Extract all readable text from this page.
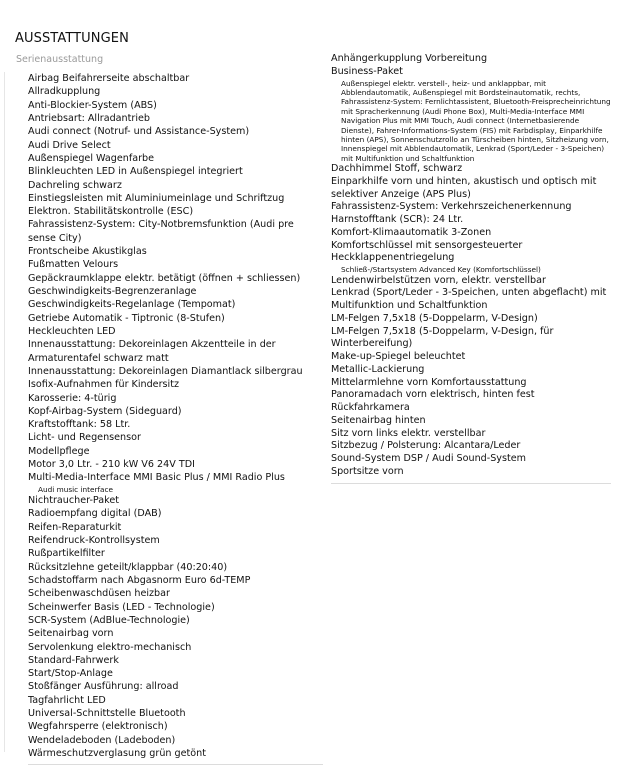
AUSSTATTUNGEN
Serienausstattung
Airbag Beifahrerseite abschaltbar
Allradkupplung
Anti-Blockier-System (ABS)
Antriebsart: Allradantrieb
Audi connect (Notruf- und Assistance-System)
Audi Drive Select
Außenspiegel Wagenfarbe
Blinkleuchten LED in Außenspiegel integriert
Dachreling schwarz
Einstiegsleisten mit Aluminiumeinlage und Schriftzug
Elektron. Stabilitätskontrolle (ESC)
Fahrassistenz-System: City-Notbremsfunktion (Audi pre sense City)
Frontscheibe Akustikglas
Fußmatten Velours
Gepäckraumklappe elektr. betätigt (öffnen + schliessen)
Geschwindigkeits-Begrenzeranlage
Geschwindigkeits-Regelanlage (Tempomat)
Getriebe Automatik - Tiptronic (8-Stufen)
Heckleuchten LED
Innenausstattung: Dekoreinlagen Akzentteile in der Armaturentafel schwarz matt
Innenausstattung: Dekoreinlagen Diamantlack silbergrau
Isofix-Aufnahmen für Kindersitz
Karosserie: 4-türig
Kopf-Airbag-System (Sideguard)
Kraftstofftank: 58 Ltr.
Licht- und Regensensor
Modellpflege
Motor 3,0 Ltr. - 210 kW V6 24V TDI
Multi-Media-Interface MMI Basic Plus / MMI Radio Plus
Audi music interface
Nichtraucher-Paket
Radioempfang digital (DAB)
Reifen-Reparaturkit
Reifendruck-Kontrollsystem
Rußpartikelfilter
Rücksitzlehne geteilt/klappbar (40:20:40)
Schadstoffarm nach Abgasnorm Euro 6d-TEMP
Scheibenwaschdüsen heizbar
Scheinwerfer Basis (LED - Technologie)
SCR-System (AdBlue-Technologie)
Seitenairbag vorn
Servolenkung elektro-mechanisch
Standard-Fahrwerk
Start/Stop-Anlage
Stoßfänger Ausführung: allroad
Tagfahrlicht LED
Universal-Schnittstelle Bluetooth
Wegfahrsperre (elektronisch)
Wendeladeboden (Ladeboden)
Wärmeschutzverglasung grün getönt
Anhängerkupplung Vorbereitung
Business-Paket
Außenspiegel elektr. verstell-, heiz- und anklappbar, mit Abblendautomatik, Außenspiegel mit Bordsteinautomatik, rechts, Fahrassistenz-System: Fernlichtassistent, Bluetooth-Freisprecheinrichtung mit Spracherkennung (Audi Phone Box), Multi-Media-Interface MMI Navigation Plus mit MMI Touch, Audi connect (Internetbasierende Dienste), Fahrer-Informations-System (FIS) mit Farbdisplay, Einparkhilfe hinten (APS), Sonnenschutzrollo an Türscheiben hinten, Sitzheizung vorn, Innenspiegel mit Abblendautomatik, Lenkrad (Sport/Leder - 3-Speichen) mit Multifunktion und Schaltfunktion
Dachhimmel Stoff, schwarz
Einparkhilfe vorn und hinten, akustisch und optisch mit selektiver Anzeige (APS Plus)
Fahrassistenz-System: Verkehrszeichenerkennung
Harnstofftank (SCR): 24 Ltr.
Komfort-Klimaautomatik 3-Zonen
Komfortschlüssel mit sensorgesteuerter Heckklappenentriegelung
Schließ-/Startsystem Advanced Key (Komfortschlüssel)
Lendenwirbelstützen vorn, elektr. verstellbar
Lenkrad (Sport/Leder - 3-Speichen, unten abgeflacht) mit Multifunktion und Schaltfunktion
LM-Felgen 7,5x18 (5-Doppelarm, V-Design)
LM-Felgen 7,5x18 (5-Doppelarm, V-Design, für Winterbereifung)
Make-up-Spiegel beleuchtet
Metallic-Lackierung
Mittelarmlehne vorn Komfortausstattung
Panoramadach vorn elektrisch, hinten fest
Rückfahrkamera
Seitenairbag hinten
Sitz vorn links elektr. verstellbar
Sitzbezug / Polsterung: Alcantara/Leder
Sound-System DSP / Audi Sound-System
Sportsitze vorn
